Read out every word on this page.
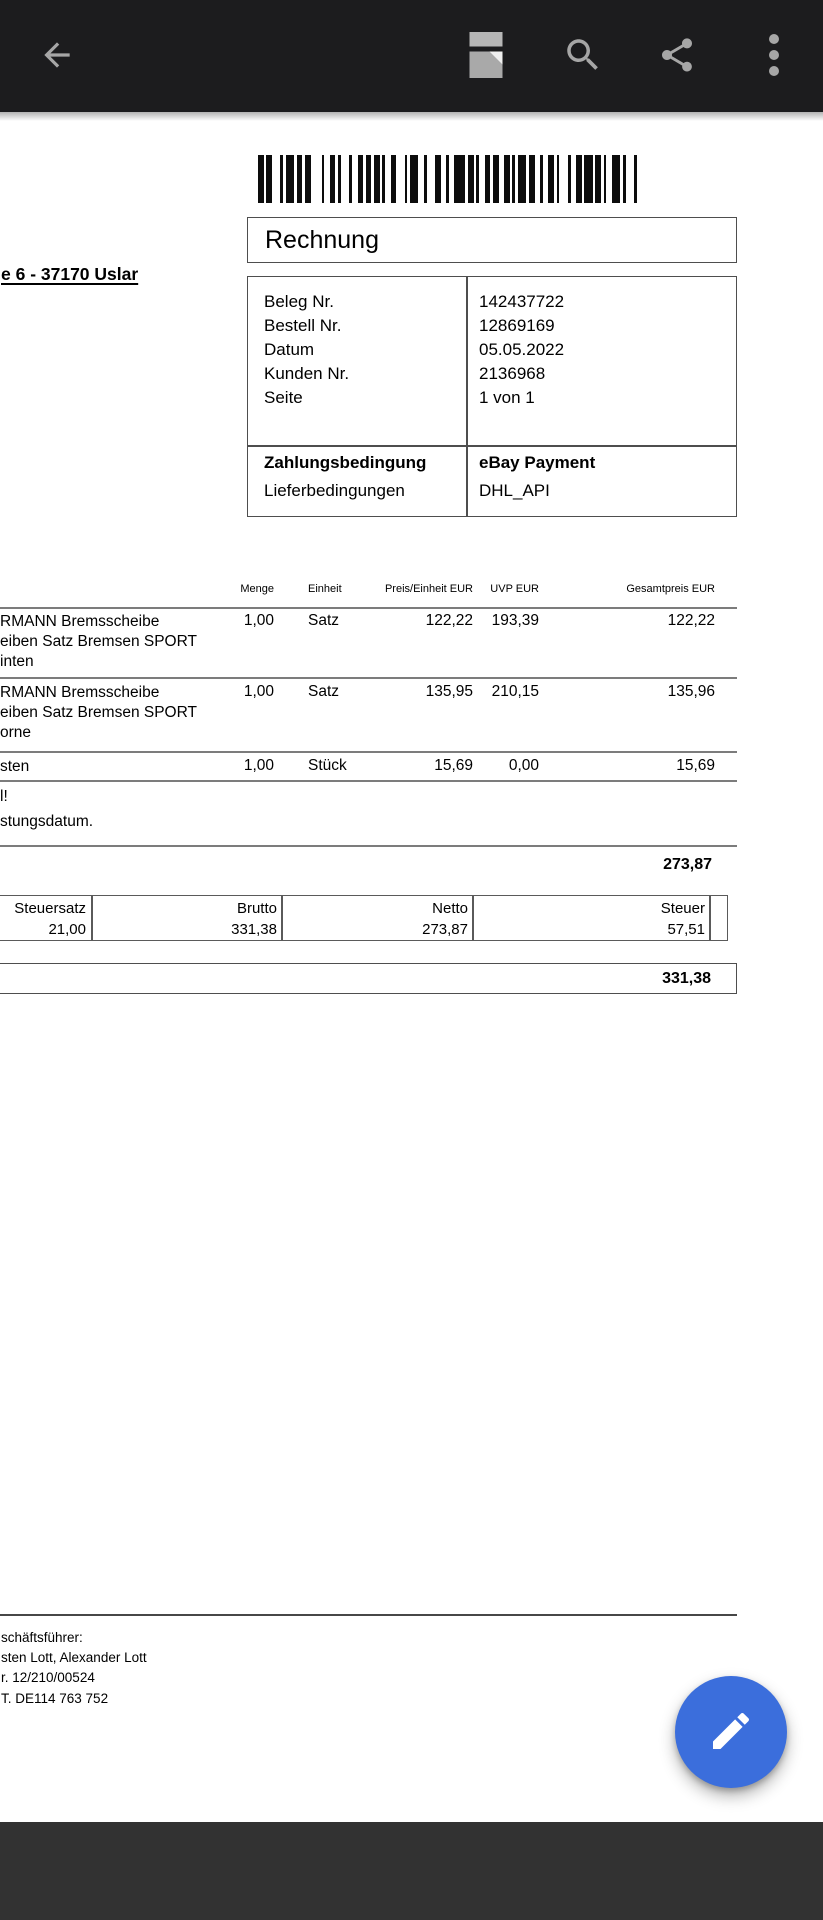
e 6 - 37170 Uslar
Rechnung
Beleg Nr.	142437722
Bestell Nr.	12869169
Datum	05.05.2022
Kunden Nr.	2136968
Seite	1 von 1
Zahlungsbedingung	eBay Payment
Lieferbedingungen	DHL_API
Menge	Einheit	Preis/Einheit EUR	UVP EUR	Gesamtpreis EUR
RMANN Bremsscheibe
eiben Satz Bremsen SPORT
inten
1,00 Satz	122,22	193,39	122,22
RMANN Bremsscheibe
eiben Satz Bremsen SPORT
orne
1,00 Satz	135,95	210,15	135,96
sten	1,00 Stück	15,69	0,00	15,69
l!
stungsdatum.
273,87
Steuersatz	Brutto	Netto	Steuer
21,00	331,38	273,87	57,51
331,38
schäftsführer:
sten Lott, Alexander Lott
r. 12/210/00524
T. DE114 763 752
